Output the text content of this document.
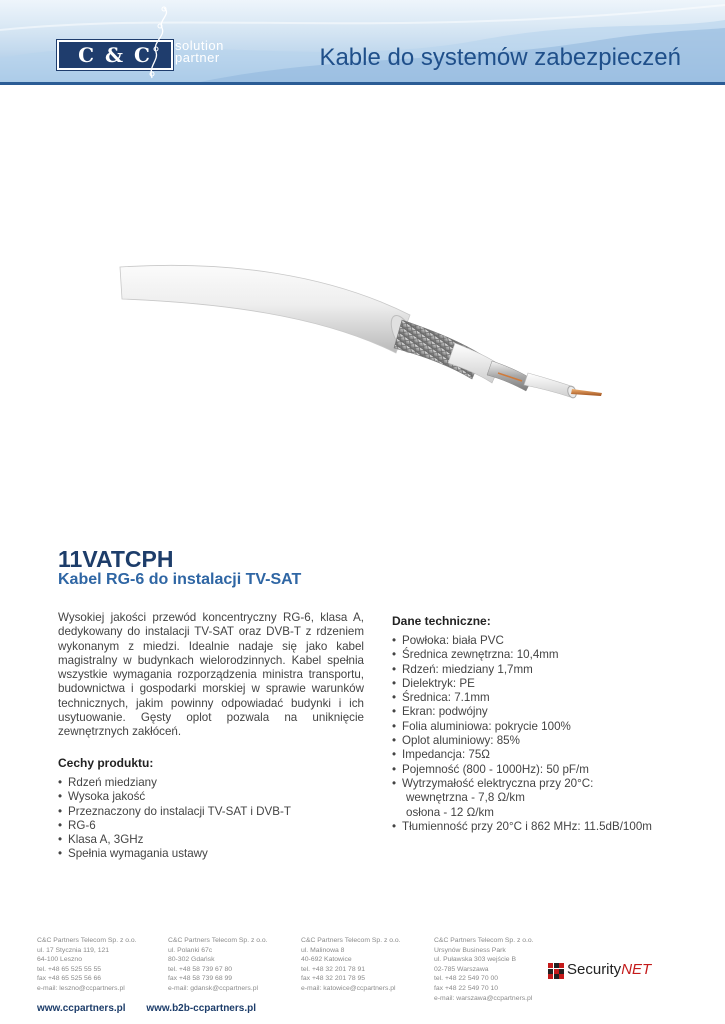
C & C	solution
partner	Kable do systemów zabezpieczeń
11VATCPH
Kabel RG-6 do instalacji TV-SAT
Wysokiej jakości przewód koncentryczny RG-6, klasa A, dedykowany do instalacji TV-SAT oraz DVB-T z rdzeniem wykonanym z miedzi. Idealnie nadaje się jako kabel magistralny w budynkach wielorodzinnych. Kabel spełnia wszystkie wymagania rozporządzenia ministra transportu, budownictwa i gospodarki morskiej w sprawie warunków technicznych, jakim powinny odpowiadać budynki i ich usytuowanie. Gęsty oplot pozwala na uniknięcie zewnętrznych zakłóceń.
Cechy produktu:
• Rdzeń miedziany
• Wysoka jakość
• Przeznaczony do instalacji TV-SAT i DVB-T
• RG-6
• Klasa A, 3GHz
• Spełnia wymagania ustawy
Dane techniczne:
• Powłoka: biała PVC
• Średnica zewnętrzna: 10,4mm
• Rdzeń: miedziany 1,7mm
• Dielektryk: PE
• Średnica: 7.1mm
• Ekran: podwójny
• Folia aluminiowa: pokrycie 100%
• Oplot aluminiowy: 85%
• Impedancja: 75Ω
• Pojemność (800 - 1000Hz): 50 pF/m
• Wytrzymałość elektryczna przy 20°C:
wewnętrzna - 7,8 Ω/km
osłona - 12 Ω/km
• Tłumienność przy 20°C i 862 MHz: 11.5dB/100m
C&C Partners Telecom Sp. z o.o.
ul. 17 Stycznia 119, 121
64-100 Leszno
tel. +48 65 525 55 55
fax +48 65 525 56 66
e-mail: leszno@ccpartners.pl
C&C Partners Telecom Sp. z o.o.
ul. Polanki 67c
80-302 Gdańsk
tel. +48 58 739 67 80
fax +48 58 739 68 99
e-mail: gdansk@ccpartners.pl
C&C Partners Telecom Sp. z o.o.
ul. Malinowa 8
40-692 Katowice
tel. +48 32 201 78 91
fax +48 32 201 78 95
e-mail: katowice@ccpartners.pl
C&C Partners Telecom Sp. z o.o.
Ursynów Business Park
ul. Puławska 303 wejście B
02-785 Warszawa
tel. +48 22 549 70 00
fax +48 22 549 70 10
e-mail: warszawa@ccpartners.pl
SecurityNET
www.ccpartners.pl www.b2b-ccpartners.pl
